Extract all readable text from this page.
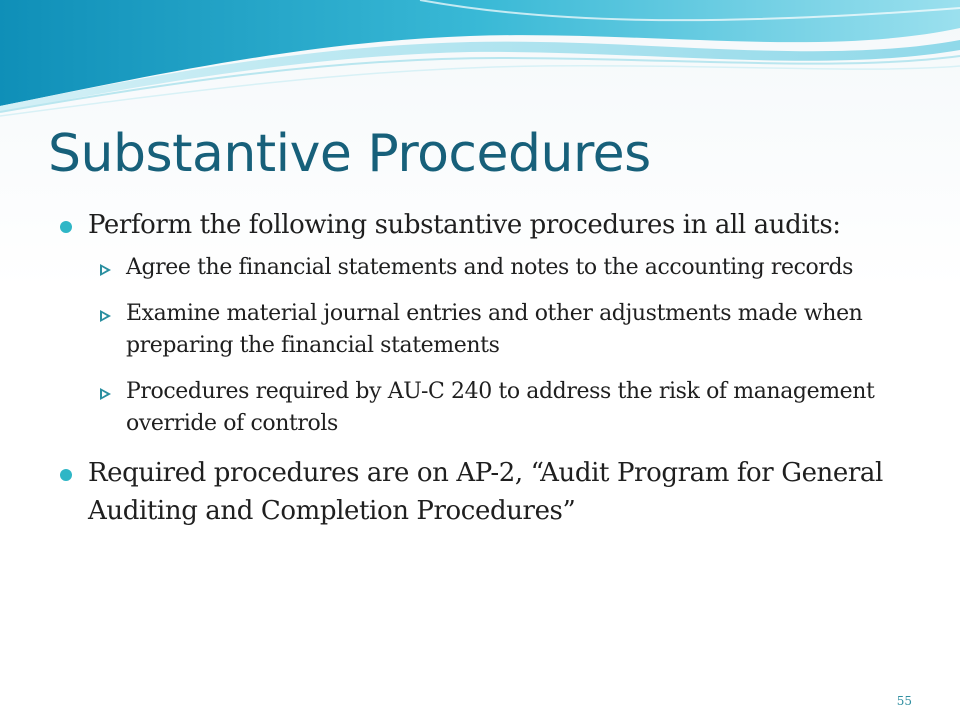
Substantive Procedures
Perform the following substantive procedures in all audits:
Agree the financial statements and notes to the accounting records
Examine material journal entries and other adjustments made when preparing the financial statements
Procedures required by AU-C 240 to address the risk of management override of controls
Required procedures are on AP-2, “Audit Program for General Auditing and Completion Procedures”
55
